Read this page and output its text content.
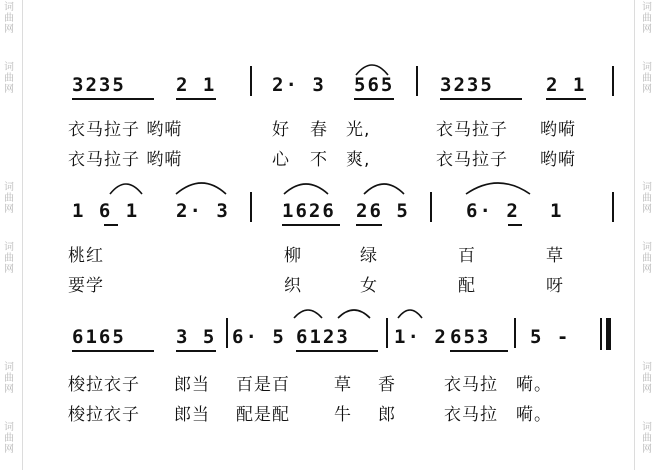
词
曲
网
词
曲
网
词
曲
网
词
曲
网
词
曲
网
词
曲
网
词
曲
网
词
曲
网
词
曲
网
词
曲
网
词
曲
网
词
曲
网
3235	2 1	2· 3 565 3235	2 1
衣马拉子 哟嗬	好 春 光,	衣马拉子 哟嗬
衣马拉子 哟嗬	心 不 爽,	衣马拉子 哟嗬
1 6 1 2· 3	1626 26 5	6· 2 1
桃红	柳	绿	百	草
要学	织	女	配	呀
6165	3 5 6· 5 6123 1· 2 653 5 -
梭拉衣子 郎当 百是百	草 香	衣马拉 嗬。
梭拉衣子 郎当 配是配	牛 郎	衣马拉 嗬。
